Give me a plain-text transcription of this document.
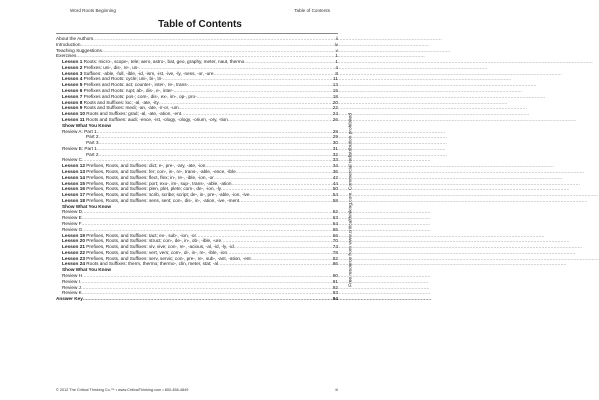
Word Roots Beginning	Table of Contents
Table of Contents
About the Authors .....	ii
Introduction .....	iv
Teaching Suggestions .....	v
Exercises .....	1
Lesson 1 Roots: micro-, scope-, tele; aero, astro-, bat, geo, graphy, meter, naut, thermo .....	1
Lesson 2 Prefixes: uni-, dis-, re-, un- .....	4
Lesson 3 Suffixes: -able, -full, -ible, -id, -ism, -ist, -ive, -ly, -ness, -or, -ure .....	8
Lesson 4 Prefixes and Roots: cycle; uni-, bi-, tri- .....	11
Lesson 5 Prefixes and Roots: act; counter-, inter-, re-, trans- .....	13
Lesson 6 Prefixes and Roots: rupt; ab-, dis-, e-, inter- .....	15
Lesson 7 Prefixes and Roots: pos-; com-, dis-, ex-, im-, op-, pro- .....	18
Lesson 8 Roots and Suffixes: loc; -al, -ate, -ity .....	20
Lesson 9 Roots and Suffixes: medi; -an, -ate, -ir-or, -um .....	22
Lesson 10 Roots and Suffixes: grad; -al, -ate, -ation, -ent .....	24
Lesson 11 Roots and Suffixes: audi; -ence, -ist, -ology, -ology, -orium, -ory, -tion .....	26
Show What You Know
Review A: Part 1 .....	28
Part 2 .....	29
Part 3 .....	30
Review B: Part 1 .....	31
Part 2 .....	32
Review C .....	33
Lesson 12 Prefixes, Roots, and Suffixes: dict; e-, pre-, -ary, -ate, -ion .....	34
Lesson 13 Prefixes, Roots, and Suffixes: fer; con-, in-, re-, trans-, -able, -ence, -ible .....	36
Lesson 14 Prefixes, Roots, and Suffixes: flect, flex; in-, re-, -ible, -ion, -or .....	42
Lesson 15 Prefixes, Roots, and Suffixes: port; exo-, im-, sup-, trans-, -able, -ation .....	44
Lesson 16 Prefixes, Roots, and Suffixes: plen, plet, plete; com-, de-, -ion, -ly .....	50
Lesson 17 Prefixes, Roots, and Suffixes: scrib, scribe; script; de-, in-, pre-, -able, -ion, -ive .....	54
Lesson 18 Prefixes, Roots, and Suffixes: sens, sent; con-, dis-, in-, -ation, -ive, -ment .....	58
Show What You Know
Review D .....	62
Review E .....	63
Review F .....	64
Review G .....	65
Lesson 19 Prefixes, Roots, and Suffixes: tact; ex-, sub-, -ion, -or .....	66
Lesson 20 Prefixes, Roots, and Suffixes: struct; con-, de-, in-, ob-, -ible, -ure .....	70
Lesson 21 Prefixes, Roots, and Suffixes: viv, vive; con-, re-, -acious, -al, -id, -ly, -id .....	74
Lesson 22 Prefixes, Roots, and Suffixes: vert, vers; com-, di-, in-, re-, -ible, -ion .....	78
Lesson 23 Prefixes, Roots, and Suffixes: serv, servic; con-, pre-, re-, sub-, -ant, -ation, -ent .....	82
Lesson 24 Roots and Suffixes: therm, thermo; thermo-, clin, meter, stat; -al .....	86
Show What You Know
Review H .....	90
Review I .....	91
Review J .....	92
Review K .....	93
Answer Key .....	94
© 2012 The Critical Thinking Co.™ • www.CriticalThinking.com • 800-458-4849	iii
Free resource from www.criticalthinking.com. Commercial redistribution prohibited
